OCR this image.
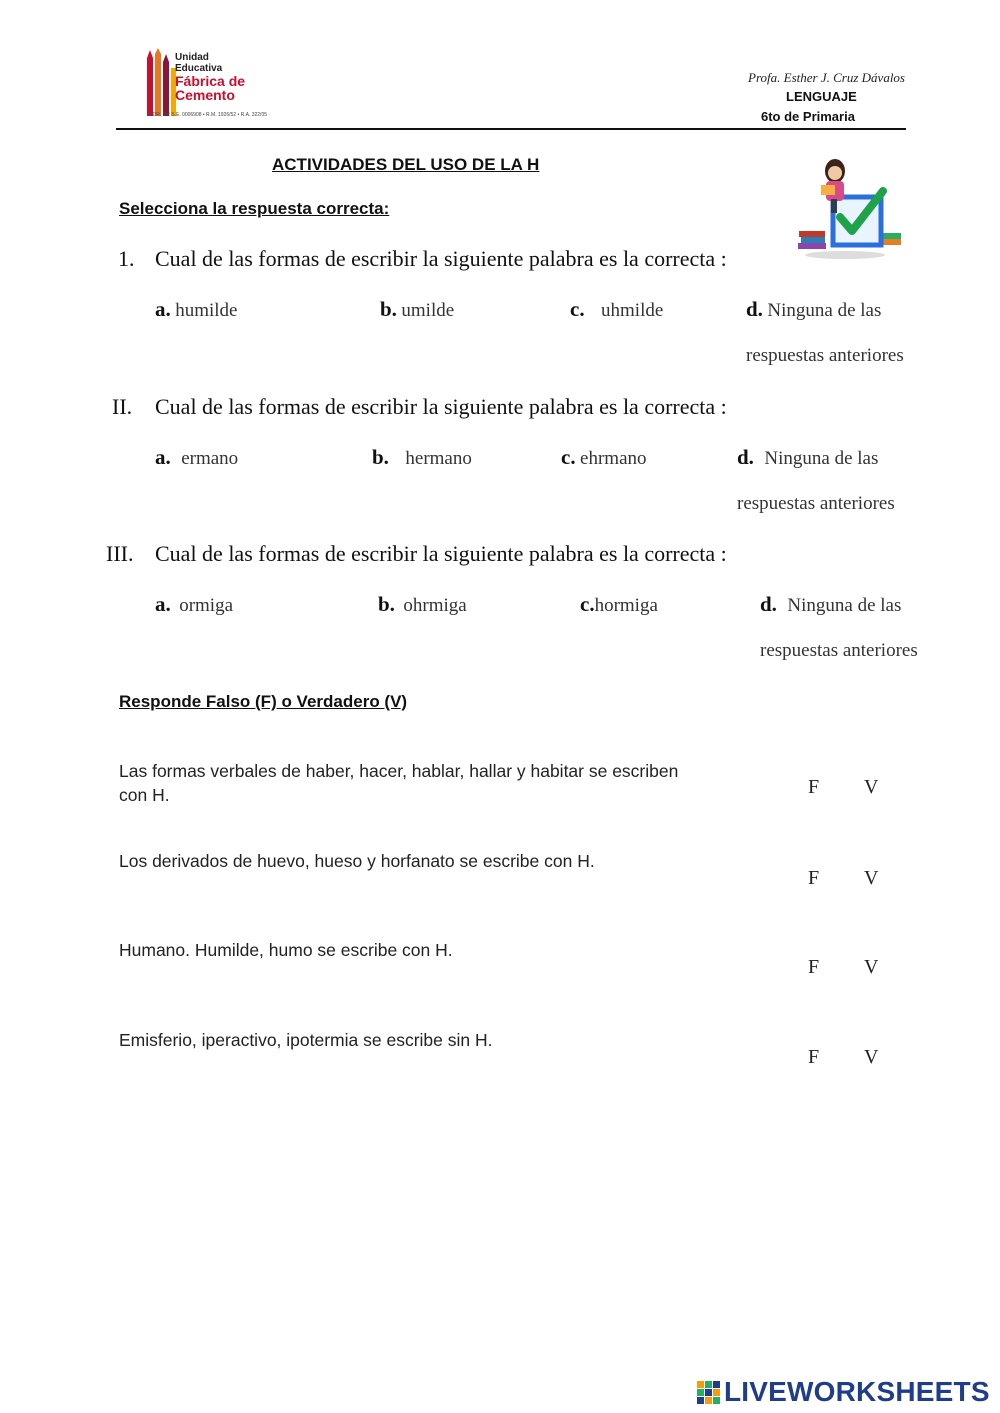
Unidad
Educativa
Fábrica de
Cemento
CDR. DR S.E. 0006908 • R.M. 1926/52 • R.A. 322/05
Profa. Esther J. Cruz Dávalos
LENGUAJE
6to de Primaria
ACTIVIDADES DEL USO DE LA H
Selecciona la respuesta correcta:
1. Cual de las formas de escribir la siguiente palabra es la correcta :
a. humilde	b. umilde	c. uhmilde	d. Ninguna de las
respuestas anteriores
II. Cual de las formas de escribir la siguiente palabra es la correcta :
a. ermano	b. hermano	c. ehrmano	d. Ninguna de las
respuestas anteriores
III. Cual de las formas de escribir la siguiente palabra es la correcta :
a. ormiga	b. ohrmiga	c.hormiga	d. Ninguna de las
respuestas anteriores
Responde Falso (F) o Verdadero (V)
Las formas verbales de haber, hacer, hablar, hallar y habitar se escriben
con H.	F V
Los derivados de huevo, hueso y horfanato se escribe con H.
F V
Humano. Humilde, humo se escribe con H.
F V
Emisferio, iperactivo, ipotermia se escribe sin H.
F V
LIVEWORKSHEETS
